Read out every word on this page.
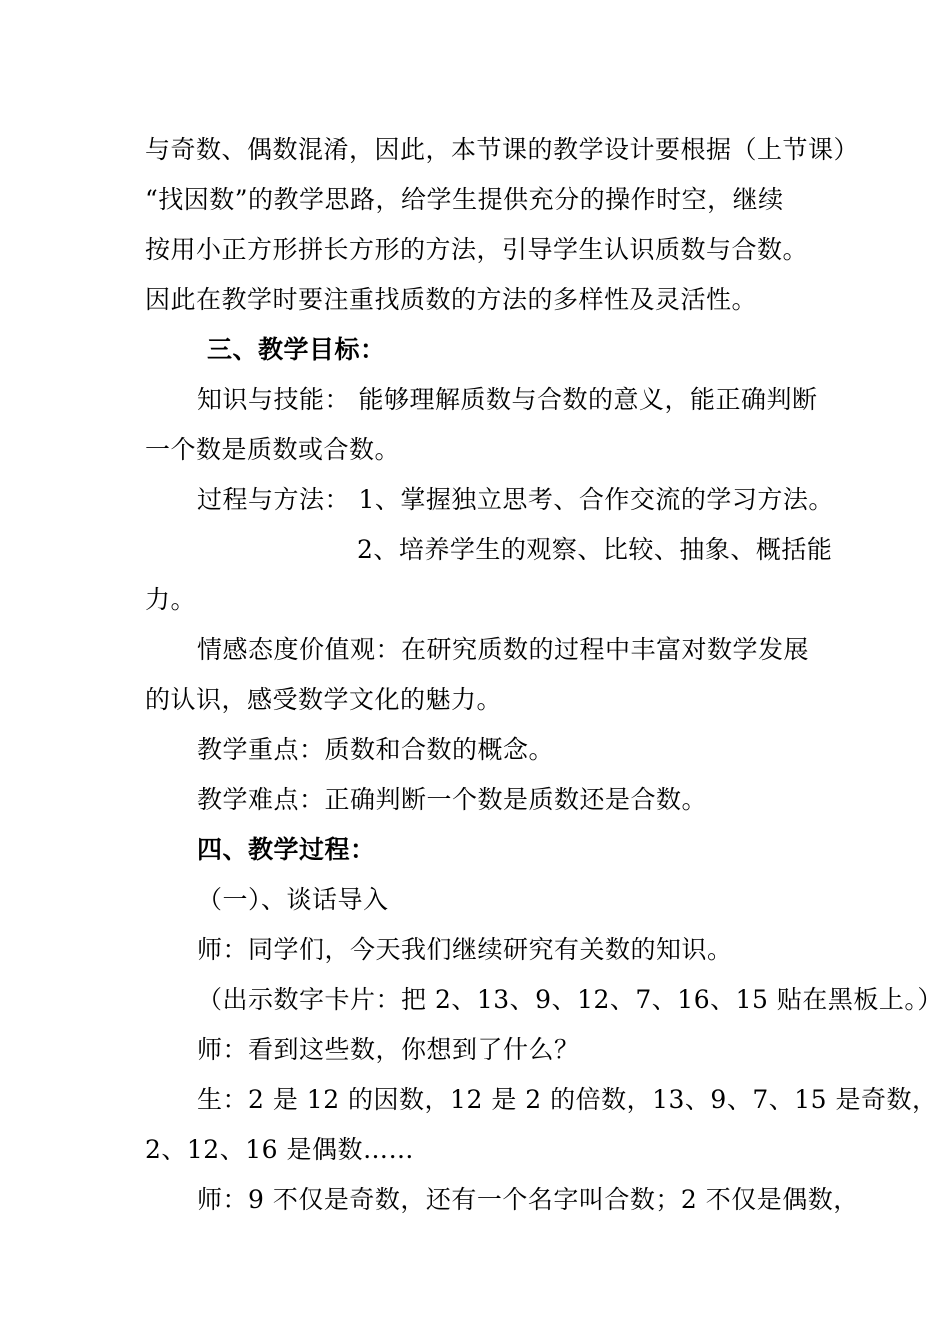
与奇数、偶数混淆，因此，本节课的教学设计要根据（上节课）
“找因数”的教学思路，给学生提供充分的操作时空，继续
按用小正方形拼长方形的方法，引导学生认识质数与合数。
因此在教学时要注重找质数的方法的多样性及灵活性。
三、教学目标：
知识与技能： 能够理解质数与合数的意义，能正确判断
一个数是质数或合数。
过程与方法： 1、掌握独立思考、合作交流的学习方法。
2、培养学生的观察、比较、抽象、概括能
力。
情感态度价值观：在研究质数的过程中丰富对数学发展
的认识，感受数学文化的魅力。
教学重点：质数和合数的概念。
教学难点：正确判断一个数是质数还是合数。
四、教学过程：
（一）、谈话导入
师：同学们，今天我们继续研究有关数的知识。
（出示数字卡片：把 2、13、9、12、7、16、15 贴在黑板上。）
师：看到这些数，你想到了什么？
生：2 是 12 的因数，12 是 2 的倍数，13、9、7、15 是奇数，
2、12、16 是偶数……
师：9 不仅是奇数，还有一个名字叫合数；2 不仅是偶数，
